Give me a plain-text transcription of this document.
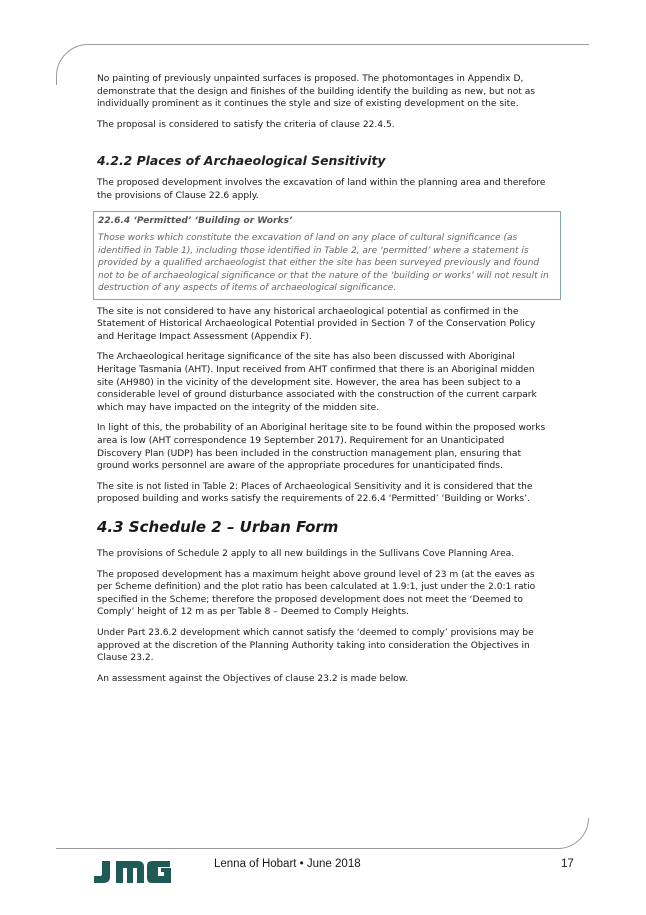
No painting of previously unpainted surfaces is proposed. The photomontages in Appendix D, demonstrate that the design and finishes of the building identify the building as new, but not as individually prominent as it continues the style and size of existing development on the site.

The proposal is considered to satisfy the criteria of clause 22.4.5.

4.2.2 Places of Archaeological Sensitivity

The proposed development involves the excavation of land within the planning area and therefore the provisions of Clause 22.6 apply.

22.6.4 ‘Permitted’ ‘Building or Works’
Those works which constitute the excavation of land on any place of cultural significance (as identified in Table 1), including those identified in Table 2, are ‘permitted’ where a statement is provided by a qualified archaeologist that either the site has been surveyed previously and found not to be of archaeological significance or that the nature of the ‘building or works’ will not result in destruction of any aspects of items of archaeological significance.

The site is not considered to have any historical archaeological potential as confirmed in the Statement of Historical Archaeological Potential provided in Section 7 of the Conservation Policy and Heritage Impact Assessment (Appendix F).

The Archaeological heritage significance of the site has also been discussed with Aboriginal Heritage Tasmania (AHT). Input received from AHT confirmed that there is an Aboriginal midden site (AH980) in the vicinity of the development site. However, the area has been subject to a considerable level of ground disturbance associated with the construction of the current carpark which may have impacted on the integrity of the midden site.

In light of this, the probability of an Aboriginal heritage site to be found within the proposed works area is low (AHT correspondence 19 September 2017). Requirement for an Unanticipated Discovery Plan (UDP) has been included in the construction management plan, ensuring that ground works personnel are aware of the appropriate procedures for unanticipated finds.

The site is not listed in Table 2: Places of Archaeological Sensitivity and it is considered that the proposed building and works satisfy the requirements of 22.6.4 ‘Permitted’ ‘Building or Works’.

4.3 Schedule 2 – Urban Form

The provisions of Schedule 2 apply to all new buildings in the Sullivans Cove Planning Area.

The proposed development has a maximum height above ground level of 23 m (at the eaves as per Scheme definition) and the plot ratio has been calculated at 1.9:1, just under the 2.0:1 ratio specified in the Scheme; therefore the proposed development does not meet the ‘Deemed to Comply’ height of 12 m as per Table 8 – Deemed to Comply Heights.

Under Part 23.6.2 development which cannot satisfy the ‘deemed to comply’ provisions may be approved at the discretion of the Planning Authority taking into consideration the Objectives in Clause 23.2.

An assessment against the Objectives of clause 23.2 is made below.

Lenna of Hobart • June 2018	17
